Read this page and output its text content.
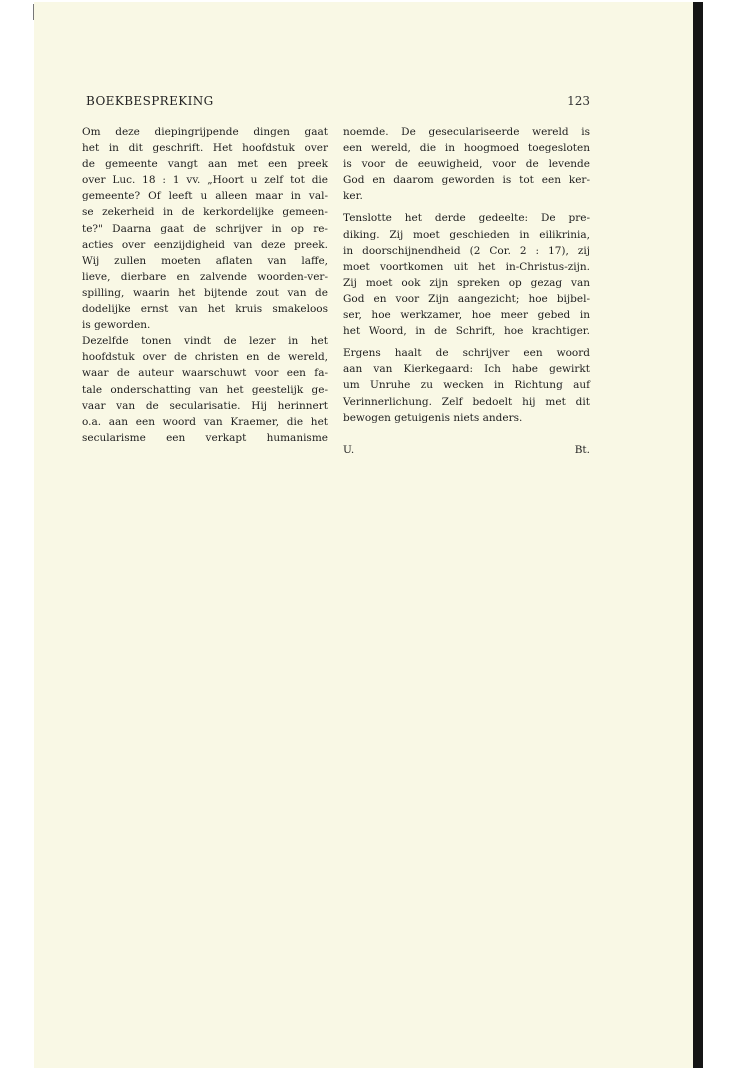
BOEKBESPREKING	123
Om deze diepingrijpende dingen gaat
het in dit geschrift. Het hoofdstuk over
de gemeente vangt aan met een preek
over Luc. 18 : 1 vv. „Hoort u zelf tot die
gemeente? Of leeft u alleen maar in val-
se zekerheid in de kerkordelijke gemeen-
te?" Daarna gaat de schrijver in op re-
acties over eenzijdigheid van deze preek.
Wij zullen moeten aflaten van laffe,
lieve, dierbare en zalvende woorden-ver-
spilling, waarin het bijtende zout van de
dodelijke ernst van het kruis smakeloos
is geworden.
Dezelfde tonen vindt de lezer in het
hoofdstuk over de christen en de wereld,
waar de auteur waarschuwt voor een fa-
tale onderschatting van het geestelijk ge-
vaar van de secularisatie. Hij herinnert
o.a. aan een woord van Kraemer, die het
secularisme een verkapt humanisme
noemde. De geseculariseerde wereld is
een wereld, die in hoogmoed toegesloten
is voor de eeuwigheid, voor de levende
God en daarom geworden is tot een ker-
ker.
Tenslotte het derde gedeelte: De pre-
diking. Zij moet geschieden in eilikrinia,
in doorschijnendheid (2 Cor. 2 : 17), zij
moet voortkomen uit het in-Christus-zijn.
Zij moet ook zijn spreken op gezag van
God en voor Zijn aangezicht; hoe bijbel-
ser, hoe werkzamer, hoe meer gebed in
het Woord, in de Schrift, hoe krachtiger.
Ergens haalt de schrijver een woord
aan van Kierkegaard: Ich habe gewirkt
um Unruhe zu wecken in Richtung auf
Verinnerlichung. Zelf bedoelt hij met dit
bewogen getuigenis niets anders.
U.	Bt.
